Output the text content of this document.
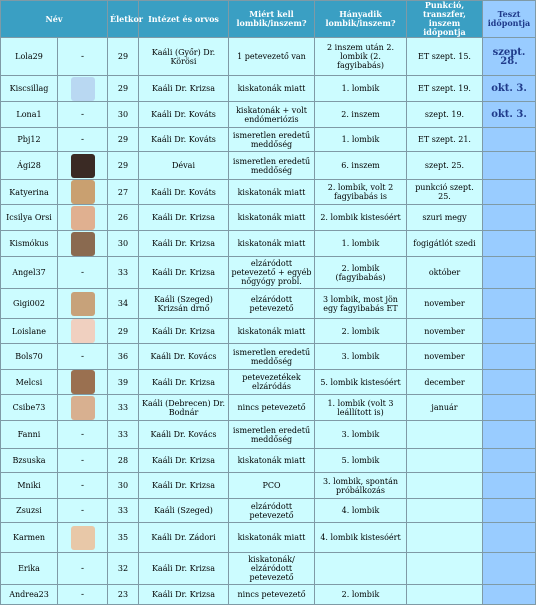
Név		Életkor	Intézet és orvos	Miért kell lombik/inszem?	Hányadik lombik/inszem?	Punkció, transzfer, inszem időpontja	Teszt időpontja
Lola29	-	29	Kaáli (Győr) Dr. Körösi	1 petevezető van	2 inszem után 2. lombik (2. fagyibabás)	ET szept. 15.	szept. 28.
Kiscsillag		29	Kaáli Dr. Krizsa	kiskatonák miatt	1. lombik	ET szept. 19.	okt. 3.
Lona1	-	30	Kaáli Dr. Kováts	kiskatonák + volt endómeriózis	2. inszem	szept. 19.	okt. 3.
Pbj12	-	29	Kaáli Dr. Kováts	ismeretlen eredetű meddőség	1. lombik	ET szept. 21.	
Ági28		29	Dévai	ismeretlen eredetű meddőség	6. inszem	szept. 25.	
Katyerina		27	Kaáli Dr. Kováts	kiskatonák miatt	2. lombik, volt 2 fagyibabás is	punkció szept. 25.	
Icsilya Orsi		26	Kaáli Dr. Krizsa	kiskatonák miatt	2. lombik kistesóért	szuri megy	
Kismókus		30	Kaáli Dr. Krizsa	kiskatonák miatt	1. lombik	fogigátlót szedi	
Angel37	-	33	Kaáli Dr. Krizsa	elzáródott petevezető + egyéb nőgyógy probl.	2. lombik (fagyibabás)	október	
Gigi002		34	Kaáli (Szeged) Krizsán drnő	elzáródott petevezető	3 lombik, most jön egy fagyibabás ET	november	
Loislane		29	Kaáli Dr. Krizsa	kiskatonák miatt	2. lombik	november	
Bols70	-	36	Kaáli Dr. Kovács	ismeretlen eredetű meddőség	3. lombik	november	
Melcsi		39	Kaáli Dr. Krizsa	petevezetékek elzáródás	5. lombik kistesóért	december	
Csibe73		33	Kaáli (Debrecen) Dr. Bodnár	nincs petevezető	1. lombik (volt 3 leállított is)	január	
Fanni	-	33	Kaáli Dr. Kovács	ismeretlen eredetű meddőség	3. lombik		
Bzsuska	-	28	Kaáli Dr. Krizsa	kiskatonák miatt	5. lombik		
Mniki	-	30	Kaáli Dr. Krizsa	PCO	3. lombik, spontán próbálkozás		
Zsuzsi	-	33	Kaáli (Szeged)	elzáródott petevezető	4. lombik		
Karmen		35	Kaáli Dr. Zádori	kiskatonák miatt	4. lombik kistesóért		
Erika	-	32	Kaáli Dr. Krizsa	kiskatonák/ elzáródott petevezető			
Andrea23	-	23	Kaáli Dr. Krizsa	nincs petevezető	2. lombik		
